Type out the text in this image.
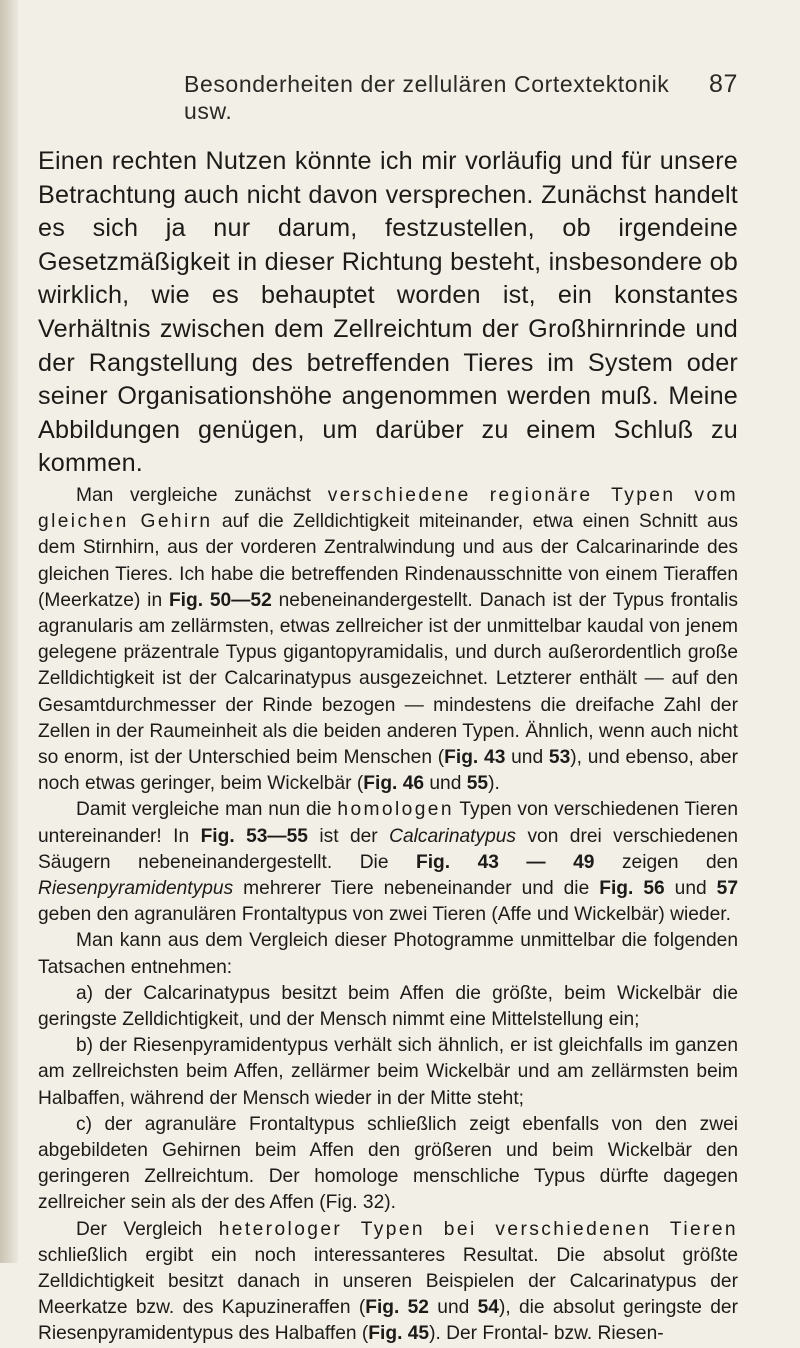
Besonderheiten der zellulären Cortextektonik usw.
87

Einen rechten Nutzen könnte ich mir vorläufig und für unsere Betrachtung auch nicht davon versprechen. Zunächst handelt es sich ja nur darum, festzustellen, ob irgendeine Gesetzmäßigkeit in dieser Richtung besteht, insbesondere ob wirklich, wie es behauptet worden ist, ein konstantes Verhältnis zwischen dem Zellreichtum der Großhirnrinde und der Rangstellung des betreffenden Tieres im System oder seiner Organisationshöhe angenommen werden muß. Meine Abbildungen genügen, um darüber zu einem Schluß zu kommen.

Man vergleiche zunächst verschiedene regionäre Typen vom gleichen Gehirn auf die Zelldichtigkeit miteinander, etwa einen Schnitt aus dem Stirnhirn, aus der vorderen Zentralwindung und aus der Calcarinarinde des gleichen Tieres. Ich habe die betreffenden Rindenausschnitte von einem Tieraffen (Meerkatze) in Fig. 50—52 nebeneinandergestellt. Danach ist der Typus frontalis agranularis am zellärmsten, etwas zellreicher ist der unmittelbar kaudal von jenem gelegene präzentrale Typus gigantopyramidalis, und durch außerordentlich große Zelldichtigkeit ist der Calcarinatypus ausgezeichnet. Letzterer enthält — auf den Gesamtdurchmesser der Rinde bezogen — mindestens die dreifache Zahl der Zellen in der Raumeinheit als die beiden anderen Typen. Ähnlich, wenn auch nicht so enorm, ist der Unterschied beim Menschen (Fig. 43 und 53), und ebenso, aber noch etwas geringer, beim Wickelbär (Fig. 46 und 55).

Damit vergleiche man nun die homologen Typen von verschiedenen Tieren untereinander! In Fig. 53—55 ist der Calcarinatypus von drei verschiedenen Säugern nebeneinandergestellt. Die Fig. 43 — 49 zeigen den Riesenpyramidentypus mehrerer Tiere nebeneinander und die Fig. 56 und 57 geben den agranulären Frontaltypus von zwei Tieren (Affe und Wickelbär) wieder.

Man kann aus dem Vergleich dieser Photogramme unmittelbar die folgenden Tatsachen entnehmen:

a) der Calcarinatypus besitzt beim Affen die größte, beim Wickelbär die geringste Zelldichtigkeit, und der Mensch nimmt eine Mittelstellung ein;

b) der Riesenpyramidentypus verhält sich ähnlich, er ist gleichfalls im ganzen am zellreichsten beim Affen, zellärmer beim Wickelbär und am zellärmsten beim Halbaffen, während der Mensch wieder in der Mitte steht;

c) der agranuläre Frontaltypus schließlich zeigt ebenfalls von den zwei abgebildeten Gehirnen beim Affen den größeren und beim Wickelbär den geringeren Zellreichtum. Der homologe menschliche Typus dürfte dagegen zellreicher sein als der des Affen (Fig. 32).

Der Vergleich heterologer Typen bei verschiedenen Tieren schließlich ergibt ein noch interessanteres Resultat. Die absolut größte Zelldichtigkeit besitzt danach in unseren Beispielen der Calcarinatypus der Meerkatze bzw. des Kapuzineraffen (Fig. 52 und 54), die absolut geringste der Riesenpyramidentypus des Halbaffen (Fig. 45). Der Frontal- bzw. Riesen-
